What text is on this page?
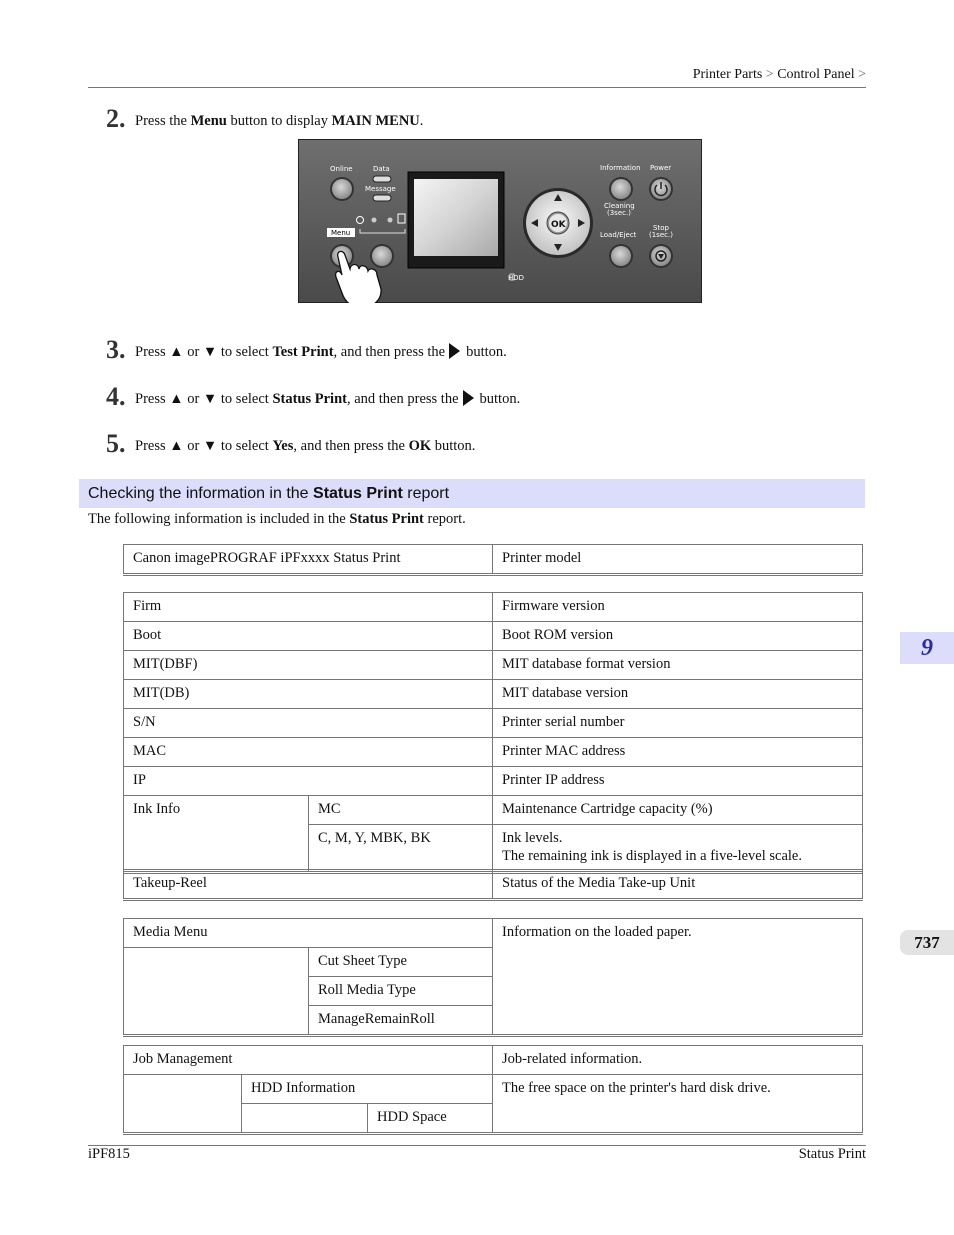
Printer Parts > Control Panel >
2. Press the Menu button to display MAIN MENU.
Online	Data
Message
Menu
HDD
OK
Information
Cleaning
(3sec.)
Power
Load/Eject
Stop
(1sec.)
3. Press ▲ or ▼ to select Test Print, and then press the button.
4. Press ▲ or ▼ to select Status Print, and then press the button.
5. Press ▲ or ▼ to select Yes, and then press the OK button.
Checking the information in the Status Print report
The following information is included in the Status Print report.
Canon imagePROGRAF iPFxxxx Status Print	Printer model
Firm		Firmware version
Boot		Boot ROM version
MIT(DBF)		MIT database format version
MIT(DB)		MIT database version
S/N		Printer serial number
MAC		Printer MAC address
IP		Printer IP address
Ink Info	MC	Maintenance Cartridge capacity (%)
	C, M, Y, MBK, BK	Ink levels.
The remaining ink is displayed in a five-level scale.
Takeup-Reel	Status of the Media Take-up Unit
Media Menu		Information on the loaded paper.
	Cut Sheet Type	
	Roll Media Type	
	ManageRemainRoll	
Job Management			Job-related information.
	HDD Information		The free space on the printer's hard disk drive.
		HDD Space	
9
737
iPF815	Status Print
